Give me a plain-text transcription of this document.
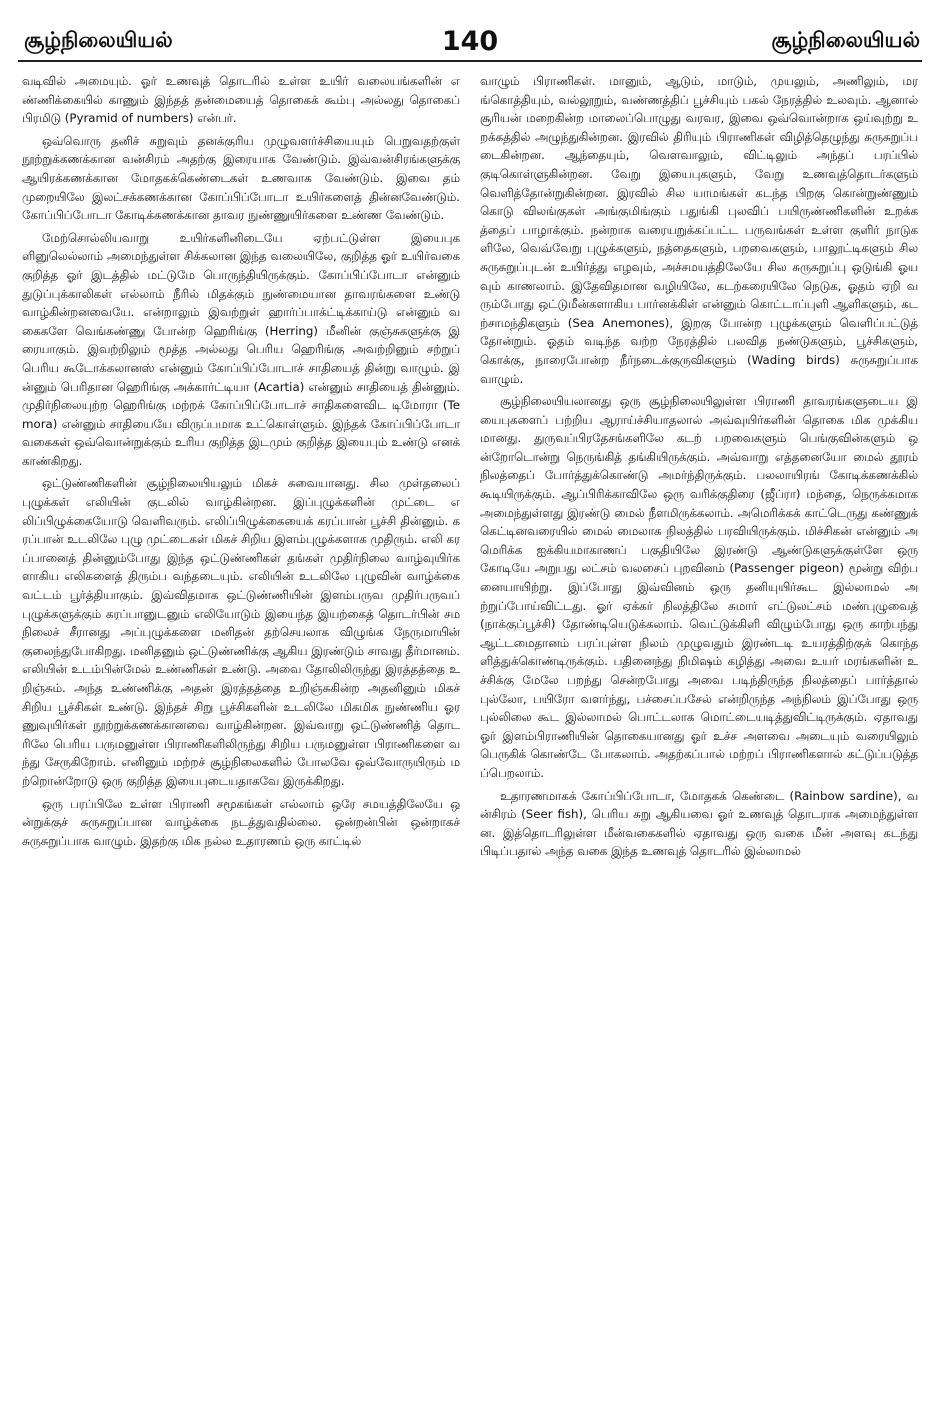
சூழ்நிலையியல்	140	சூழ்நிலையியல்

வடிவில் அமையும். ஓர் உணவுத் தொடரில் உள்ள உயிர் வலையங்களின் எண்ணிக்கையில் காணும் இந்தத் தன்மையைத் தொகைக் கூம்பு அல்லது தொகைப் பிரமிடு (Pyramid of numbers) என்பர்.

ஒவ்வொரு தனிச் சுறுவும் தனக்குரிய முழுவளர்ச்சியையும் பெறுவதற்குள் நூற்றுக்கணக்கான வன்சிரம் அதற்கு இரையாக வேண்டும். இவ்வன்சிரங்களுக்கு ஆயிரக்கணக்கான மோதகக்கெண்டைகள் உணவாக வேண்டும். இவை தம் முறையிலே இலட்சக்கணக்கான கோப்பிப்போடா உயிர்களைத் தின்னவேண்டும். கோப்பிப்போடா கோடிக்கணக்கான தாவர நுண்ணுயிர்களை உண்ண வேண்டும்.

மேற்சொல்லியவாறு உயிர்களினிடையே ஏற்பட்டுள்ள இயைபுகளினுலெல்லாம் அமைந்துள்ள சிக்கலான இந்த வலையிலே, குறித்த ஓர் உயிர்வகை குறித்த ஓர் இடத்தில் மட்டுமே பொருந்தியிருக்கும். கோப்பிப்போடா என்னும் துடுப்புக்காலிகள் எல்லாம் நீரில் மிதக்கும் நுண்மையான தாவரங்களை உண்டு வாழ்கின்றனவையே. என்றாலும் இவற்றுள் ஹார்ப்பாக்ட்டிக்காய்டு என்னும் வகைகளே வெங்கண்ணு போன்ற ஹெரிங்கு (Herring) மீனின் குஞ்சுகளுக்கு இரையாகும். இவற்றிலும் மூத்த அல்லது பெரிய ஹெரிங்கு அவற்றினும் சற்றுப் பெரிய கூடோக்கலானஸ் என்னும் கோப்பிப்போடாச் சாதியைத் தின்று வாழும். இன்னும் பெரிதான ஹெரிங்கு அக்கார்ட்டியா (Acartia) என்னும் சாதியைத் தின்னும். முதிர்நிலையுற்ற ஹெரிங்கு மற்றக் கோப்பிப்போடாச் சாதிகளைவிட டிமோரா (Temora) என்னும் சாதியையே விருப்பமாக உட்கொள்ளும். இந்தக் கோப்பிப்போடா வகைகள் ஒவ்வொன்றுக்கும் உரிய குறித்த இடமும் குறித்த இயைபும் உண்டு எனக் காண்கிறது.

ஒட்டுண்ணிகளின் சூழ்நிலையியலும் மிகச் சுவையானது. சில முள்தலைப் புழுக்கள் எலியின் குடலில் வாழ்கின்றன. இப்புழுக்களின் முட்டை எலிப்பிழுக்கையோடு வெளிவரும். எலிப்பிழுக்கையைக் கரப்பான் பூச்சி தின்னும். கரப்பான் உடலிலே புழு முட்டைகள் மிகச் சிறிய இளம்புழுக்களாக முதிரும். எலி கரப்பானைத் தின்னும்போது இந்த ஒட்டுண்ணிகள் தங்கள் முதிர்நிலை வாழ்வுயிர்களாகிய எலிகளைத் திரும்ப வந்தடையும். எலியின் உடலிலே புழுவின் வாழ்க்கை வட்டம் பூர்த்தியாகும். இவ்விதமாக ஒட்டுண்ணியின் இளம்பருவ முதிர்பருவப் புழுக்களுக்கும் கரப்பானுடனும் எலியோடும் இயைந்த இயற்கைத் தொடர்பின் சமநிலைச் சீரானது அப்புழுக்களை மனிதன் தற்செயலாக விழுங்க நேருமாயின் குலைந்துபோகிறது. மனிதனும் ஒட்டுண்ணிக்கு ஆகிய இரண்டும் சாவது தீர்மானம். எலியின் உடம்பின்மேல் உண்ணிகள் உண்டு. அவை தோலிலிருந்து இரத்தத்தை உறிஞ்சும். அந்த உண்ணிக்கு அதன் இரத்தத்தை உறிஞ்சுகின்ற அதனினும் மிகச் சிறிய பூச்சிகள் உண்டு. இந்தச் சிறு பூச்சிகளின் உடலிலே மிகமிக நுண்ணிய ஓரணுவுயிர்கள் நூற்றுக்கணக்கானவை வாழ்கின்றன. இவ்வாறு ஒட்டுண்ணித் தொடரிலே பெரிய பருமனுள்ள பிராணிகளிலிருந்து சிறிய பருமனுள்ள பிராணிகளை வந்து சேருகிறோம். எனினும் மற்றச் சூழ்நிலைகளில் போலவே ஒவ்வோருயிரும் மற்றொன்றோடு ஒரு குறித்த இயைபுடையதாகவே இருக்கிறது.

ஒரு பரப்பிலே உள்ள பிராணி சமூகங்கள் எல்லாம் ஒரே சமயத்திலேயே ஒன்றுக்குச் சுருசுறுப்பான வாழ்க்கை நடத்துவதில்லை. ஒன்றன்பின் ஒன்றாகச் சுருசுறுப்பாக வாழும். இதற்கு மிக நல்ல உதாரணம் ஒரு காட்டில்

வாழும் பிராணிகள். மானும், ஆடும், மாடும், முயலும், அணிலும், மரங்கொத்தியும், வல்லூறும், வண்ணத்திப் பூச்சியும் பகல் நேரத்தில் உலவும். ஆனால் சூரியன் மறைகின்ற மாலைப்பொழுது வரவர, இவை ஒவ்வொன்றாக ஒய்வுற்று உறக்கத்தில் அழுந்துகின்றன. இரவில் திரியும் பிராணிகள் விழித்தெழுந்து சுருசுறுப்படைகின்றன. ஆந்தையும், வௌவாலும், விட்டிலும் அந்தப் பரப்பில் குடிகொள்ளுகின்றன. வேறு இயைபுகளும், வேறு உணவுத்தொடர்களும் வெளித்தோன்றுகின்றன. இரவில் சில யாமங்கள் கடந்த பிறகு கொன்றுண்ணும் கொடு விலங்குகள் அங்குமிங்கும் பதுங்கி புலவிப் பயிருண்ணிகளின் உறக்கத்தைப் பாழாக்கும். நன்றாக வரையறுக்கப்பட்ட பருவங்கள் உள்ள குளிர் நாடுகளிலே, வெவ்வேறு புழுக்களும், நத்தைகளும், பறவைகளும், பாலூட்டிகளும் சில சுருசுறுப்புடன் உயிர்த்து எழவும், அச்சமயத்திலேயே சில சுருசுறுப்பு ஒடுங்கி ஓயவும் காணலாம். இதேவிதமான வழியிலே, கடற்கரையிலே நெடுக, ஓதம் ஏறி வரும்போது ஒட்டுமீன்களாகிய பார்னக்கிள் என்னும் கொட்டாப்புளி ஆளிகளும், கடற்சாமந்திகளும் (Sea Anemones), இறகு போன்ற புழுக்களும் வெளிப்பட்டுத் தோன்றும். ஓதம் வடிந்த வற்ற நேரத்தில் பலவித நண்டுகளும், பூச்சிகளும், கொக்கு, நாரைபோன்ற நீர்நடைக்குருவிகளும் (Wading birds) சுருசுறுப்பாக வாழும்.

சூழ்நிலையியலானது ஒரு சூழ்நிலையிலுள்ள பிராணி தாவரங்களுடைய இயைபுகளைப் பற்றிய ஆராய்ச்சியாதலால் அவ்வுயிர்களின் தொகை மிக முக்கியமானது. துருவப்பிரதேசங்களிலே கடற் பறவைகளும் பெங்குவின்களும் ஒன்றோடொன்று நெருங்கித் தங்கியிருக்கும். அவ்வாறு எத்தனையோ மைல் தூரம் நிலத்தைப் போர்த்துக்கொண்டு அமர்ந்திருக்கும். பலலாயிரங் கோடிக்கணக்கில் கூடியிருக்கும். ஆப்பிரிக்காவிலே ஒரு வரிக்குதிரை (ஜீப்ரா) மந்தை, நெருக்கமாக அமைந்துள்ளது இரண்டு மைல் நீளமிருக்கலாம். அமெரிக்கக் காட்டெருது கண்ணுக் கெட்டினவரையில் மைல் மைலாக நிலத்தில் பரவியிருக்கும். மிச்சிகன் என்னும் அமெரிக்க ஐக்கியமாகாணப் பகுதியிலே இரண்டு ஆண்டுகளுக்குள்ளே ஒரு கோடியே அறுபது லட்சம் வலசைப் புறவினம் (Passenger pigeon) மூன்று விற்பனையாயிற்று. இப்போது இவ்வினம் ஒரு தனியுயிர்கூட இல்லாமல் அற்றுப்போய்விட்டது. ஓர் ஏக்கர் நிலத்திலே சுமார் எட்டுலட்சம் மண்புழுவைத் (நாக்குப்பூச்சி) தோண்டியெடுக்கலாம். வெட்டுக்கிளி விழும்போது ஒரு காற்பந்து ஆட்டமைதானம் பரப்புள்ள நிலம் முழுவதும் இரண்டடி உயரத்திற்குக் கொந்தளித்துக்கொண்டிருக்கும். பதினைந்து நிமிஷம் கழித்து அவை உயர் மரங்களின் உச்சிக்கு மேலே பறந்து சென்றபோது அவை படிந்திருந்த நிலத்தைப் பார்த்தால் புல்லோ, பயிரோ வளர்ந்து, பச்சைப்பசேல் என்றிருந்த அந்நிலம் இப்போது ஒரு புல்லிலை கூட இல்லாமல் பொட்டலாக மொட்டையடித்துவிட்டிருக்கும். ஏதாவது ஓர் இளம்பிராணியின் தொகையானது ஓர் உச்ச அளவை அடையும் வரையிலும் பெருகிக் கொண்டே போகலாம். அதற்கப்பால் மற்றப் பிராணிகளால் கட்டுப்படுத்தப்பெறலாம்.

உதாரணமாகக் கோப்பிப்போடா, மோதகக் கெண்டை (Rainbow sardine), வன்சிரம் (Seer fish), பெரிய சுறு ஆகியவை ஓர் உணவுத் தொடராக அமைந்துள்ளன. இத்தொடரிலுள்ள மீன்வகைகளில் ஏதாவது ஒரு வகை மீன் அளவு கடந்து பிடிப்பதால் அந்த வகை இந்த உணவுத் தொடரில் இல்லாமல்
